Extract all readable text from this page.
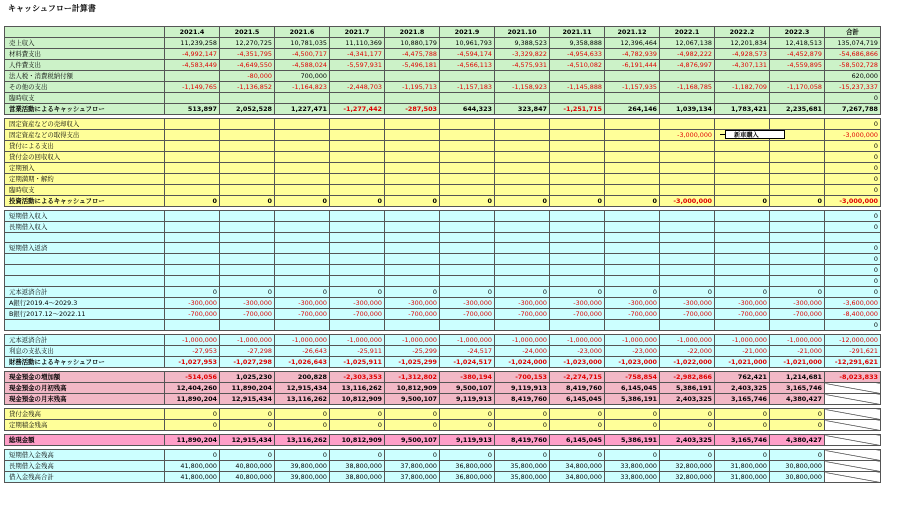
キャッシュフロー計算書
	2021.4	2021.5	2021.6	2021.7	2021.8	2021.9	2021.10	2021.11	2021.12	2022.1	2022.2	2022.3	合計
売上収入	11,239,258	12,270,725	10,781,035	11,110,369	10,880,179	10,961,793	9,388,523	9,358,888	12,396,464	12,067,138	12,201,834	12,418,513	135,074,719
材料費支出	-4,992,147	-4,351,795	-4,500,717	-4,341,177	-4,475,788	-4,594,174	-3,329,822	-4,954,633	-4,782,939	-4,982,222	-4,928,573	-4,452,879	-54,686,866
人件費支出	-4,583,449	-4,649,550	-4,588,024	-5,597,931	-5,496,181	-4,566,113	-4,575,931	-4,510,082	-6,191,444	-4,876,997	-4,307,131	-4,559,895	-58,502,728
法人税・消費税納付額		-80,000	700,000										620,000
その他の支出	-1,149,765	-1,136,852	-1,164,823	-2,448,703	-1,195,713	-1,157,183	-1,158,923	-1,145,888	-1,157,935	-1,168,785	-1,182,709	-1,170,058	-15,237,337
臨時収支													0
営業活動によるキャッシュフロー	513,897	2,052,528	1,227,471	-1,277,442	-287,503	644,323	323,847	-1,251,715	264,146	1,039,134	1,783,421	2,235,681	7,267,788

固定資産などの売却収入													0
固定資産などの取得支出										-3,000,000			-3,000,000
貸付による支出													0
貸付金の回収収入													0
定期預入													0
定期満期・解約													0
臨時収支													0
投資活動によるキャッシュフロー	0	0	0	0	0	0	0	0	0	-3,000,000	0	0	-3,000,000

短期借入収入													0
長期借入収入													0

短期借入返済													0
													0
													0
													0
元本返済合計	0	0	0	0	0	0	0	0	0	0	0	0	0
A銀行2019.4～2029.3	-300,000	-300,000	-300,000	-300,000	-300,000	-300,000	-300,000	-300,000	-300,000	-300,000	-300,000	-300,000	-3,600,000
B銀行2017.12～2022.11	-700,000	-700,000	-700,000	-700,000	-700,000	-700,000	-700,000	-700,000	-700,000	-700,000	-700,000	-700,000	-8,400,000
													0

元本返済合計	-1,000,000	-1,000,000	-1,000,000	-1,000,000	-1,000,000	-1,000,000	-1,000,000	-1,000,000	-1,000,000	-1,000,000	-1,000,000	-1,000,000	-12,000,000
利息の支払支出	-27,953	-27,298	-26,643	-25,911	-25,299	-24,517	-24,000	-23,000	-23,000	-22,000	-21,000	-21,000	-291,621
財務活動によるキャッシュフロー	-1,027,953	-1,027,298	-1,026,643	-1,025,911	-1,025,299	-1,024,517	-1,024,000	-1,023,000	-1,023,000	-1,022,000	-1,021,000	-1,021,000	-12,291,621

現金預金の増加額	-514,056	1,025,230	200,828	-2,303,353	-1,312,802	-380,194	-700,153	-2,274,715	-758,854	-2,982,866	762,421	1,214,681	-8,023,833
現金預金の月初残高	12,404,260	11,890,204	12,915,434	13,116,262	10,812,909	9,500,107	9,119,913	8,419,760	6,145,045	5,386,191	2,403,325	3,165,746	
現金預金の月末残高	11,890,204	12,915,434	13,116,262	10,812,909	9,500,107	9,119,913	8,419,760	6,145,045	5,386,191	2,403,325	3,165,746	4,380,427	

貸付金残高	0	0	0	0	0	0	0	0	0	0	0	0	
定期積金残高	0	0	0	0	0	0	0	0	0	0	0	0	

総現金額	11,890,204	12,915,434	13,116,262	10,812,909	9,500,107	9,119,913	8,419,760	6,145,045	5,386,191	2,403,325	3,165,746	4,380,427	

短期借入金残高	0	0	0	0	0	0	0	0	0	0	0	0	
長期借入金残高	41,800,000	40,800,000	39,800,000	38,800,000	37,800,000	36,800,000	35,800,000	34,800,000	33,800,000	32,800,000	31,800,000	30,800,000	
借入金残高合計	41,800,000	40,800,000	39,800,000	38,800,000	37,800,000	36,800,000	35,800,000	34,800,000	33,800,000	32,800,000	31,800,000	30,800,000	
新車購入
